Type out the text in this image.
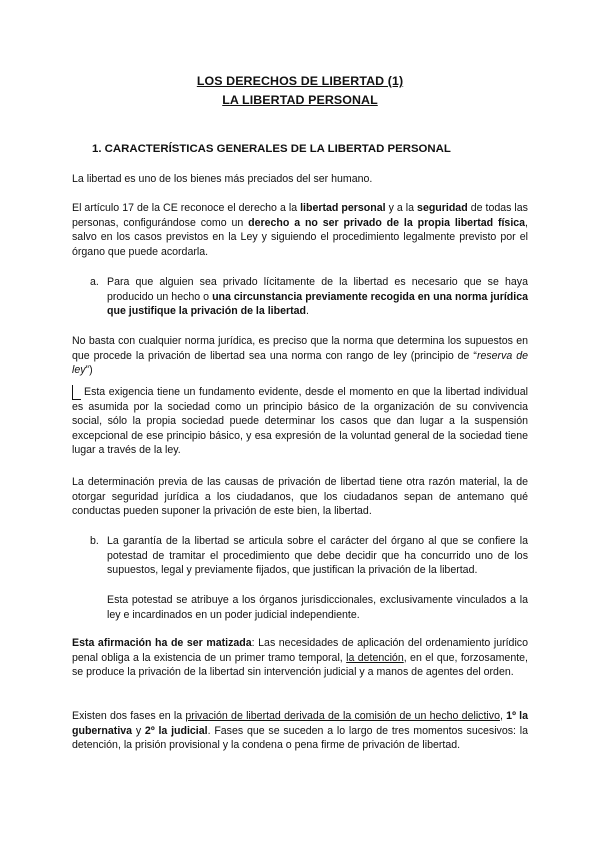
LOS DERECHOS DE LIBERTAD (1)
LA LIBERTAD PERSONAL
1. CARACTERÍSTICAS GENERALES DE LA LIBERTAD PERSONAL
La libertad es uno de los bienes más preciados del ser humano.
El artículo 17 de la CE reconoce el derecho a la libertad personal y a la seguridad de todas las personas, configurándose como un derecho a no ser privado de la propia libertad física, salvo en los casos previstos en la Ley y siguiendo el procedimiento legalmente previsto por el órgano que puede acordarla.
a. Para que alguien sea privado lícitamente de la libertad es necesario que se haya producido un hecho o una circunstancia previamente recogida en una norma jurídica que justifique la privación de la libertad.
No basta con cualquier norma jurídica, es preciso que la norma que determina los supuestos en que procede la privación de libertad sea una norma con rango de ley (principio de “reserva de ley”)
Esta exigencia tiene un fundamento evidente, desde el momento en que la libertad individual es asumida por la sociedad como un principio básico de la organización de su convivencia social, sólo la propia sociedad puede determinar los casos que dan lugar a la suspensión excepcional de ese principio básico, y esa expresión de la voluntad general de la sociedad tiene lugar a través de la ley.
La determinación previa de las causas de privación de libertad tiene otra razón material, la de otorgar seguridad jurídica a los ciudadanos, que los ciudadanos sepan de antemano qué conductas pueden suponer la privación de este bien, la libertad.
b. La garantía de la libertad se articula sobre el carácter del órgano al que se confiere la potestad de tramitar el procedimiento que debe decidir que ha concurrido uno de los supuestos, legal y previamente fijados, que justifican la privación de la libertad.
Esta potestad se atribuye a los órganos jurisdiccionales, exclusivamente vinculados a la ley e incardinados en un poder judicial independiente.
Esta afirmación ha de ser matizada: Las necesidades de aplicación del ordenamiento jurídico penal obliga a la existencia de un primer tramo temporal, la detención, en el que, forzosamente, se produce la privación de la libertad sin intervención judicial y a manos de agentes del orden.
Existen dos fases en la privación de libertad derivada de la comisión de un hecho delictivo, 1º la gubernativa y 2º la judicial. Fases que se suceden a lo largo de tres momentos sucesivos: la detención, la prisión provisional y la condena o pena firme de privación de libertad.
